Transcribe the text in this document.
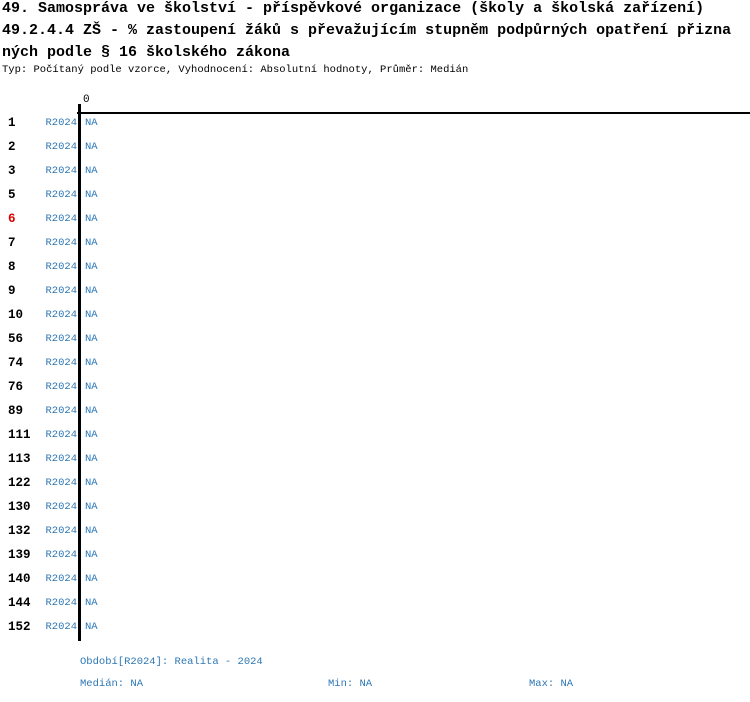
49. Samospráva ve školství - příspěvkové organizace (školy a školská zařízení)
49.2.4.4 ZŠ - % zastoupení žáků s převažujícím stupněm podpůrných opatření přizna
ných podle § 16 školského zákona
Typ: Počítaný podle vzorce, Vyhodnocení: Absolutní hodnoty, Průměr: Medián
0
1	R2024 NA
2	R2024 NA
3	R2024 NA
5	R2024 NA
6	R2024 NA
7	R2024 NA
8	R2024 NA
9	R2024 NA
10	R2024 NA
56	R2024 NA
74	R2024 NA
76	R2024 NA
89	R2024 NA
111	R2024 NA
113	R2024 NA
122	R2024 NA
130	R2024 NA
132	R2024 NA
139	R2024 NA
140	R2024 NA
144	R2024 NA
152	R2024 NA
Období[R2024]: Realita - 2024
Medián: NA	Min: NA	Max: NA
